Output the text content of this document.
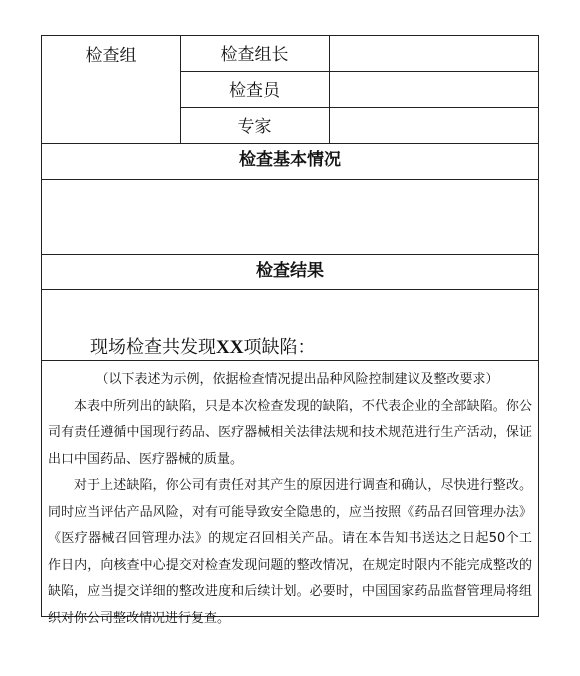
检查组	检查组长
检查员
专家
检查基本情况
检查结果
现场检查共发现XX项缺陷：

（以下表述为示例，依据检查情况提出品种风险控制建议及整改要求）

本表中所列出的缺陷，只是本次检查发现的缺陷，不代表企业的全部缺陷。你公司有责任遵循中国现行药品、医疗器械相关法律法规和技术规范进行生产活动，保证出口中国药品、医疗器械的质量。

对于上述缺陷，你公司有责任对其产生的原因进行调查和确认，尽快进行整改。同时应当评估产品风险，对有可能导致安全隐患的，应当按照《药品召回管理办法》《医疗器械召回管理办法》的规定召回相关产品。请在本告知书送达之日起50个工作日内，向核查中心提交对检查发现问题的整改情况，在规定时限内不能完成整改的缺陷，应当提交详细的整改进度和后续计划。必要时，中国国家药品监督管理局将组织对你公司整改情况进行复查。
